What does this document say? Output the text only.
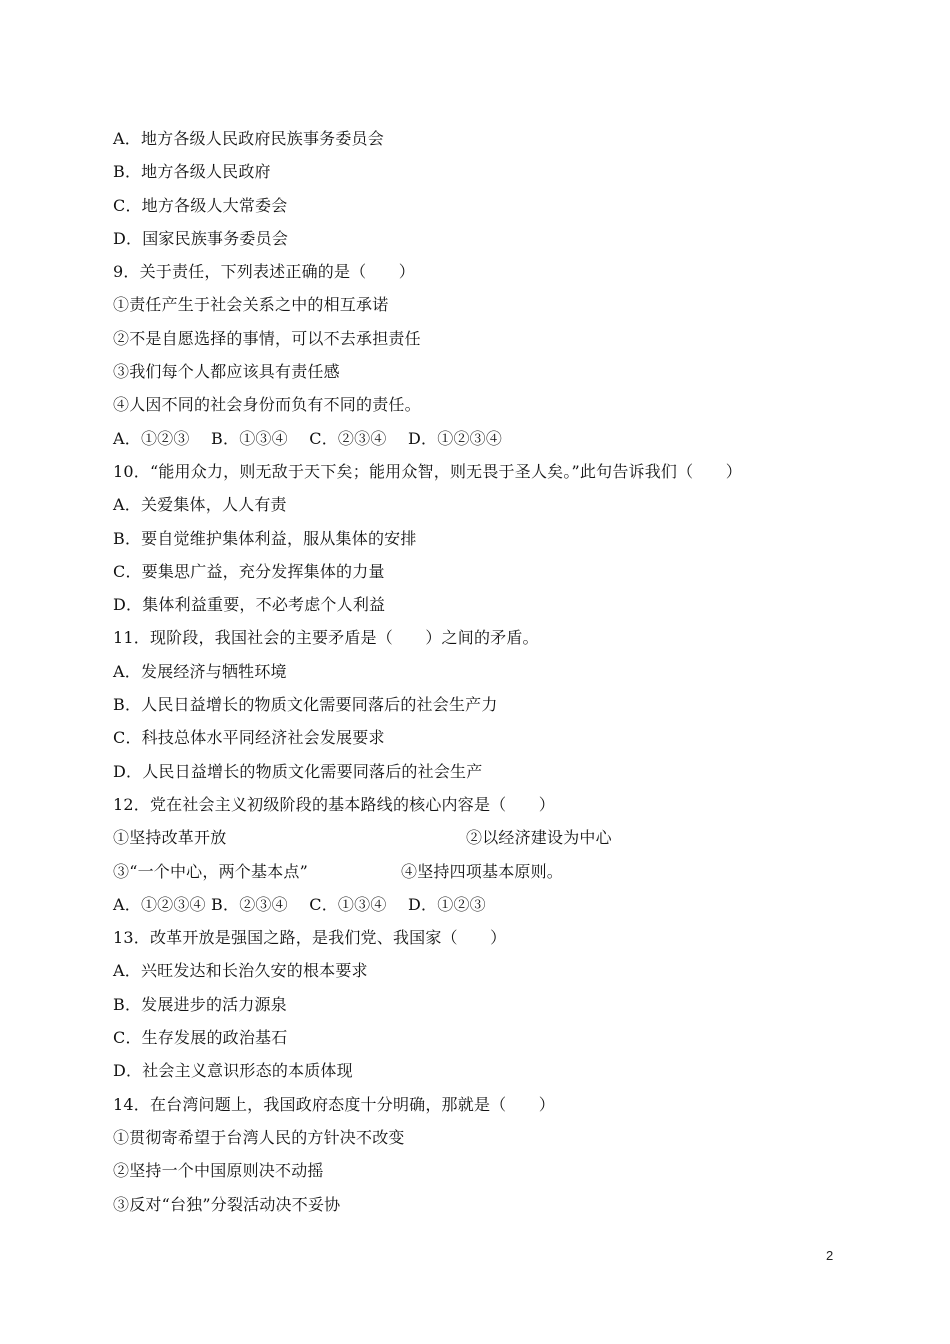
A．地方各级人民政府民族事务委员会
B．地方各级人民政府
C．地方各级人大常委会
D．国家民族事务委员会
9．关于责任，下列表述正确的是（　　）
①责任产生于社会关系之中的相互承诺
②不是自愿选择的事情，可以不去承担责任
③我们每个人都应该具有责任感
④人因不同的社会身份而负有不同的责任。
A．①②③　 B．①③④　 C．②③④　 D．①②③④
10．“能用众力，则无敌于天下矣；能用众智，则无畏于圣人矣。”此句告诉我们（　　）
A．关爱集体，人人有责
B．要自觉维护集体利益，服从集体的安排
C．要集思广益，充分发挥集体的力量
D．集体利益重要，不必考虑个人利益
11．现阶段，我国社会的主要矛盾是（　　）之间的矛盾。
A．发展经济与牺牲环境
B．人民日益增长的物质文化需要同落后的社会生产力
C．科技总体水平同经济社会发展要求
D．人民日益增长的物质文化需要同落后的社会生产
12．党在社会主义初级阶段的基本路线的核心内容是（　　）
①坚持改革开放	②以经济建设为中心
③“一个中心，两个基本点”	④坚持四项基本原则。
A．①②③④ B．②③④　 C．①③④　 D．①②③
13．改革开放是强国之路，是我们党、我国家（　　）
A．兴旺发达和长治久安的根本要求
B．发展进步的活力源泉
C．生存发展的政治基石
D．社会主义意识形态的本质体现
14．在台湾问题上，我国政府态度十分明确，那就是（　　）
①贯彻寄希望于台湾人民的方针决不改变
②坚持一个中国原则决不动摇
③反对“台独”分裂活动决不妥协
2
